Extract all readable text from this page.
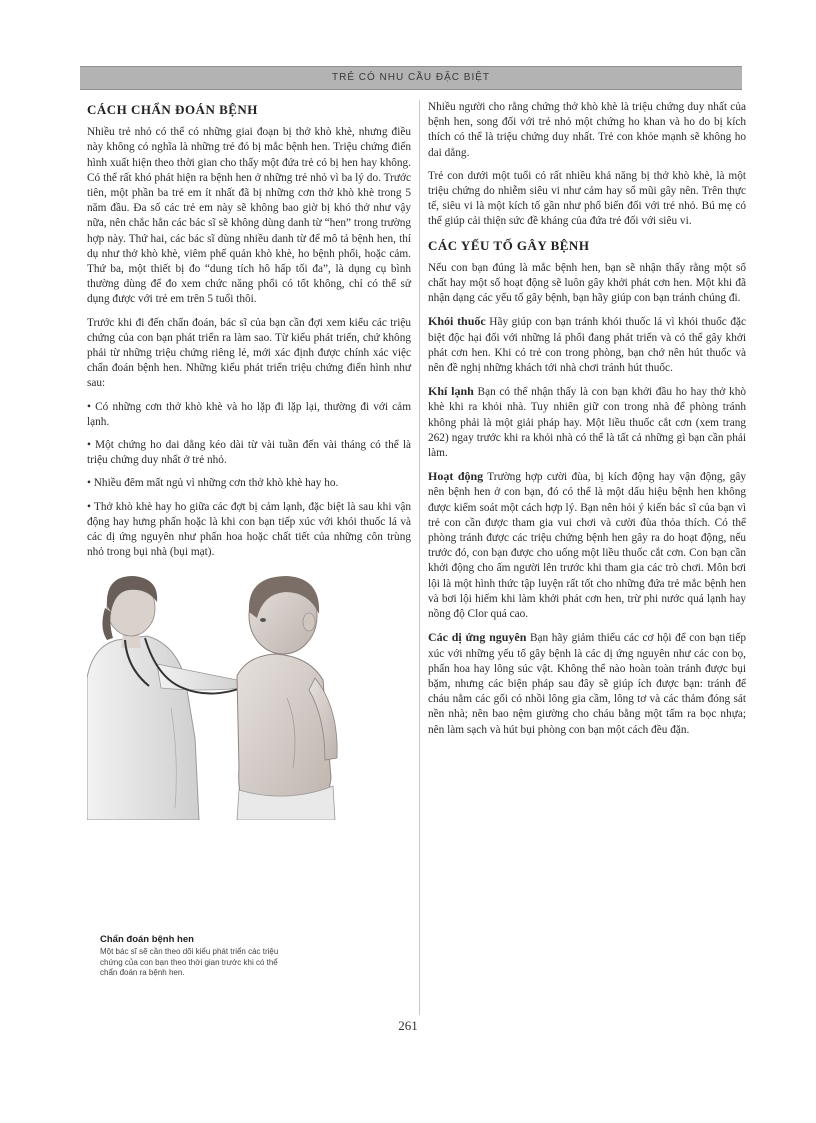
TRẺ CÓ NHU CẦU ĐẶC BIỆT
CÁCH CHẨN ĐOÁN BỆNH

Nhiều trẻ nhỏ có thể có những giai đoạn bị thở khò khè, nhưng điều này không có nghĩa là những trẻ đó bị mắc bệnh hen. Triệu chứng điển hình xuất hiện theo thời gian cho thấy một đứa trẻ có bị hen hay không. Có thể rất khó phát hiện ra bệnh hen ở những trẻ nhỏ vì ba lý do. Trước tiên, một phần ba trẻ em ít nhất đã bị những cơn thở khò khè trong 5 năm đầu. Đa số các trẻ em này sẽ không bao giờ bị khó thở như vậy nữa, nên chắc hẳn các bác sĩ sẽ không dùng danh từ “hen” trong trường hợp này. Thứ hai, các bác sĩ dùng nhiều danh từ để mô tả bệnh hen, thí dụ như thở khò khè, viêm phế quản khò khè, ho bệnh phổi, hoặc cảm. Thứ ba, một thiết bị đo “dung tích hô hấp tối đa”, là dụng cụ bình thường dùng để đo xem chức năng phổi có tốt không, chỉ có thể sử dụng được với trẻ em trên 5 tuổi thôi.

Trước khi đi đến chẩn đoán, bác sĩ của bạn cần đợi xem kiểu các triệu chứng của con bạn phát triển ra làm sao. Từ kiểu phát triển, chứ không phải từ những triệu chứng riêng lẻ, mới xác định được chính xác việc chẩn đoán bệnh hen. Những kiểu phát triển triệu chứng điển hình như sau:

• Có những cơn thở khò khè và ho lặp đi lặp lại, thường đi với cảm lạnh.

• Một chứng ho dai dẳng kéo dài từ vài tuần đến vài tháng có thể là triệu chứng duy nhất ở trẻ nhỏ.

• Nhiều đêm mất ngủ vì những cơn thở khò khè hay ho.

• Thở khò khè hay ho giữa các đợt bị cảm lạnh, đặc biệt là sau khi vận động hay hưng phấn hoặc là khi con bạn tiếp xúc với khói thuốc lá và các dị ứng nguyên như phấn hoa hoặc chất tiết của những côn trùng nhỏ trong bụi nhà (bụi mạt).

Chẩn đoán bệnh hen
Một bác sĩ sẽ cần theo dõi kiểu phát triển các triệu chứng của con bạn theo thời gian trước khi có thể chẩn đoán ra bệnh hen.

Nhiều người cho rằng chứng thở khò khè là triệu chứng duy nhất của bệnh hen, song đối với trẻ nhỏ một chứng ho khan và ho do bị kích thích có thể là triệu chứng duy nhất. Trẻ con khỏe mạnh sẽ không ho dai dẳng.

Trẻ con dưới một tuổi có rất nhiều khả năng bị thở khò khè, là một triệu chứng do nhiễm siêu vi như cảm hay sổ mũi gây nên. Trên thực tế, siêu vi là một kích tố gần như phổ biến đối với trẻ nhỏ. Bú mẹ có thể giúp cải thiện sức đề kháng của đứa trẻ đối với siêu vi.

CÁC YẾU TỐ GÂY BỆNH

Nếu con bạn đúng là mắc bệnh hen, bạn sẽ nhận thấy rằng một số chất hay một số hoạt động sẽ luôn gây khởi phát cơn hen. Một khi đã nhận dạng các yếu tố gây bệnh, bạn hãy giúp con bạn tránh chúng đi.

Khói thuốc Hãy giúp con bạn tránh khói thuốc lá vì khói thuốc đặc biệt độc hại đối với những lá phổi đang phát triển và có thể gây khởi phát cơn hen. Khi có trẻ con trong phòng, bạn chớ nên hút thuốc và nên đề nghị những khách tới nhà chơi tránh hút thuốc.

Khí lạnh Bạn có thể nhận thấy là con bạn khởi đầu ho hay thở khò khè khi ra khỏi nhà. Tuy nhiên giữ con trong nhà để phòng tránh không phải là một giải pháp hay. Một liều thuốc cắt cơn (xem trang 262) ngay trước khi ra khỏi nhà có thể là tất cả những gì bạn cần phải làm.

Hoạt động Trường hợp cười đùa, bị kích động hay vận động, gây nên bệnh hen ở con bạn, đó có thể là một dấu hiệu bệnh hen không được kiểm soát một cách hợp lý. Bạn nên hỏi ý kiến bác sĩ của bạn vì trẻ con cần được tham gia vui chơi và cười đùa thỏa thích. Có thể phòng tránh được các triệu chứng bệnh hen gây ra do hoạt động, nếu trước đó, con bạn được cho uống một liều thuốc cắt cơn. Con bạn cần khởi động cho ấm người lên trước khi tham gia các trò chơi. Môn bơi lội là một hình thức tập luyện rất tốt cho những đứa trẻ mắc bệnh hen và bơi lội hiếm khi làm khởi phát cơn hen, trừ phi nước quá lạnh hay nồng độ Clor quá cao.

Các dị ứng nguyên Bạn hãy giảm thiểu các cơ hội để con bạn tiếp xúc với những yếu tố gây bệnh là các dị ứng nguyên như các con bọ, phấn hoa hay lông súc vật. Không thể nào hoàn toàn tránh được bụi bặm, nhưng các biện pháp sau đây sẽ giúp ích được bạn: tránh để cháu nằm các gối có nhồi lông gia cầm, lông tơ và các thảm đóng sát nền nhà; nên bao nệm giường cho cháu bằng một tấm ra bọc nhựa; nên làm sạch và hút bụi phòng con bạn một cách đều đặn.

261
